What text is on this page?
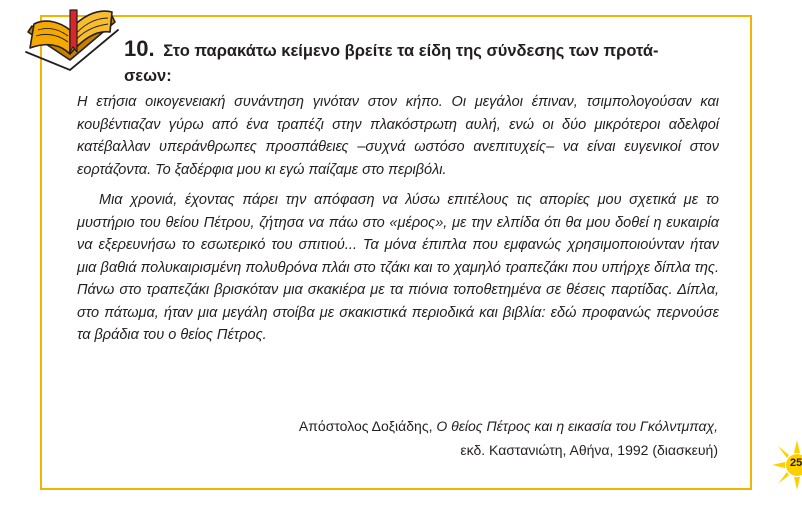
10. Στο παρακάτω κείμενο βρείτε τα είδη της σύνδεσης των προτά-
σεων:

Η ετήσια οικογενειακή συνάντηση γινόταν στον κήπο. Οι μεγάλοι έπιναν, τσιμπολογούσαν και κουβέντιαζαν γύρω από ένα τραπέζι στην πλακόστρωτη αυλή, ενώ οι δύο μικρότεροι αδελφοί κατέβαλλαν υπεράνθρωπες προσπάθειες –συχνά ωστόσο ανεπιτυχείς– να είναι ευγενικοί στον εορτάζοντα. Το ξαδέρφια μου κι εγώ παίζαμε στο περιβόλι.

Μια χρονιά, έχοντας πάρει την απόφαση να λύσω επιτέλους τις απορίες μου σχετικά με το μυστήριο του θείου Πέτρου, ζήτησα να πάω στο «μέρος», με την ελπίδα ότι θα μου δοθεί η ευκαιρία να εξερευνήσω το εσωτερικό του σπιτιού... Τα μόνα έπιπλα που εμφανώς χρησιμοποιούνταν ήταν μια βαθιά πολυκαιρισμένη πολυθρόνα πλάι στο τζάκι και το χαμηλό τραπεζάκι που υπήρχε δίπλα της. Πάνω στο τραπεζάκι βρισκόταν μια σκακιέρα με τα πιόνια τοποθετημένα σε θέσεις παρτίδας. Δίπλα, στο πάτωμα, ήταν μια μεγάλη στοίβα με σκακιστικά περιοδικά και βιβλία: εδώ προφανώς περνούσε τα βράδια του ο θείος Πέτρος.

Απόστολος Δοξιάδης, Ο θείος Πέτρος και η εικασία του Γκόλντμπαχ,
εκδ. Καστανιώτη, Αθήνα, 1992 (διασκευή)
25
